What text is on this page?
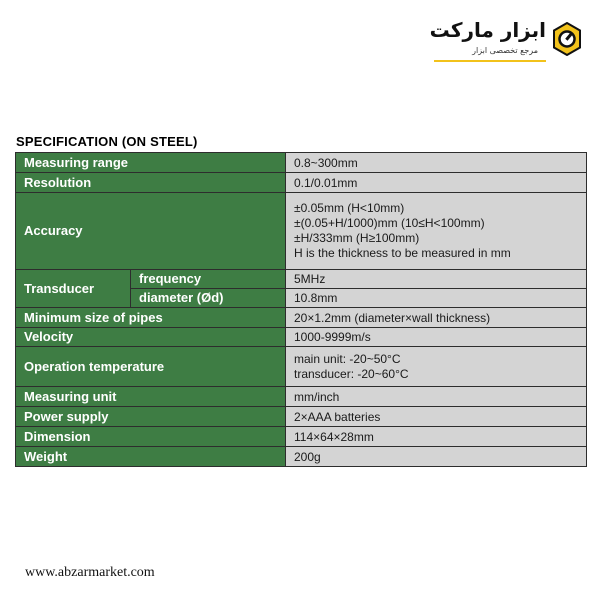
ابزار مارکت
مرجع تخصصی ابزار
SPECIFICATION (ON STEEL)
Measuring range		0.8~300mm
Resolution		0.1/0.01mm
Accuracy		±0.05mm (H<10mm)
±(0.05+H/1000)mm (10≤H<100mm)
±H/333mm (H≥100mm)
H is the thickness to be measured in mm

Transducer	frequency	5MHz
	diameter (Ød)	10.8mm
Minimum size of pipes		20×1.2mm (diameter×wall thickness)
Velocity		1000-9999m/s
Operation temperature		main unit: -20~50°C
transducer: -20~60°C

Measuring unit		mm/inch
Power supply		2×AAA batteries
Dimension		114×64×28mm
Weight		200g
www.abzarmarket.com
